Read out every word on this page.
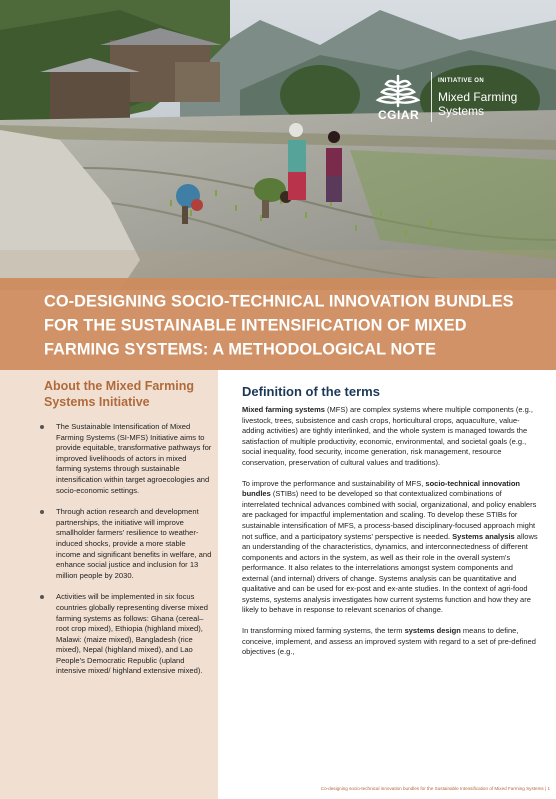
CGIAR
INITIATIVE ON
Mixed Farming Systems
CO-DESIGNING SOCIO-TECHNICAL INNOVATION BUNDLES FOR THE SUSTAINABLE INTENSIFICATION OF MIXED FARMING SYSTEMS: A METHODOLOGICAL NOTE
About the Mixed Farming Systems Initiative
The Sustainable Intensification of Mixed Farming Systems (SI-MFS) Initiative aims to provide equitable, transformative pathways for improved livelihoods of actors in mixed farming systems through sustainable intensification within target agroecologies and socio-economic settings.
Through action research and development partnerships, the initiative will improve smallholder farmers' resilience to weather-induced shocks, provide a more stable income and significant benefits in welfare, and enhance social justice and inclusion for 13 million people by 2030.
Activities will be implemented in six focus countries globally representing diverse mixed farming systems as follows: Ghana (cereal–root crop mixed), Ethiopia (highland mixed), Malawi: (maize mixed), Bangladesh (rice mixed), Nepal (highland mixed), and Lao People's Democratic Republic (upland intensive mixed/ highland extensive mixed).
Definition of the terms

Mixed farming systems (MFS) are complex systems where multiple components (e.g., livestock, trees, subsistence and cash crops, horticultural crops, aquaculture, value-adding activities) are tightly interlinked, and the whole system is managed towards the satisfaction of multiple productivity, economic, environmental, and societal goals (e.g., social inequality, food security, income generation, risk management, resource conservation, preservation of cultural values and traditions).

To improve the performance and sustainability of MFS, socio-technical innovation bundles (STIBs) need to be developed so that contextualized combinations of interrelated technical advances combined with social, organizational, and policy enablers are packaged for impactful implementation and scaling. To develop these STIBs for sustainable intensification of MFS, a process-based disciplinary-focused approach might not suffice, and a participatory systems' perspective is needed. Systems analysis allows an understanding of the characteristics, dynamics, and interconnectedness of different components and actors in the system, as well as their role in the overall system's performance. It also relates to the interrelations amongst system components and external (and internal) drivers of change. Systems analysis can be quantitative and qualitative and can be used for ex-post and ex-ante studies. In the context of agri-food systems, systems analysis investigates how current systems function and how they are likely to behave in response to relevant scenarios of change.

In transforming mixed farming systems, the term systems design means to define, conceive, implement, and assess an improved system with regard to a set of pre-defined objectives (e.g.,

Co-designing socio-technical innovation bundles for the Sustainable Intensification of Mixed Farming Systems | 1
